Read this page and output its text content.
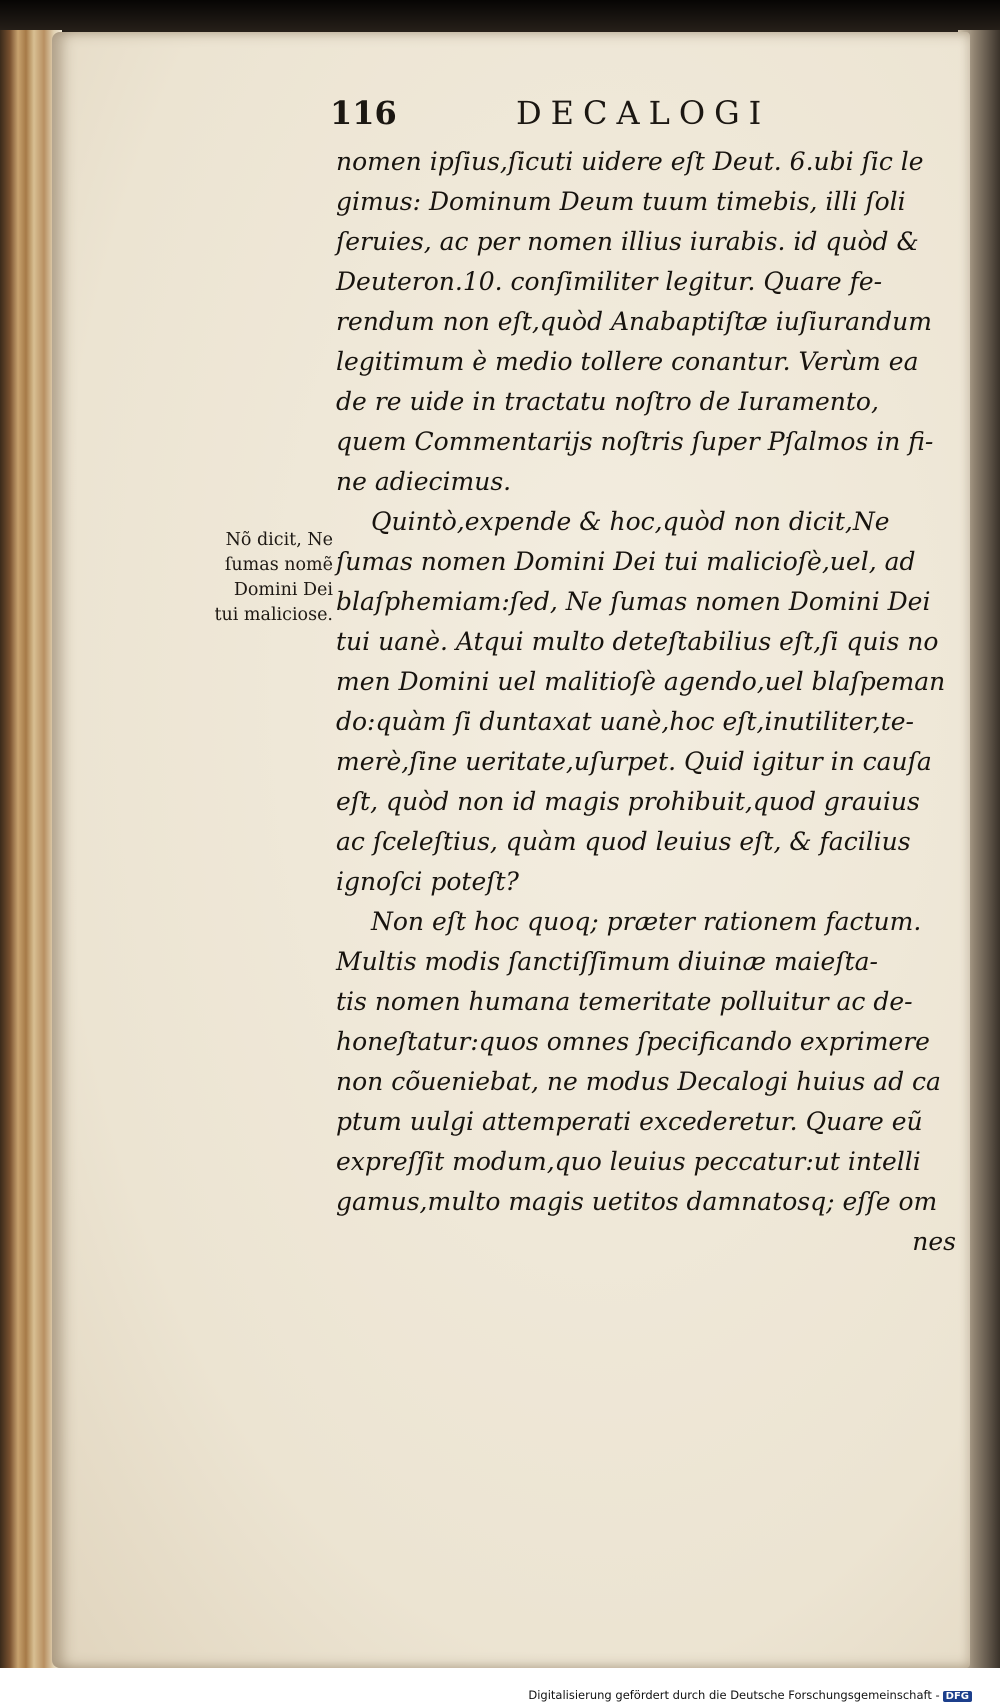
116	DECALOGI
Nõ dicit, Ne
ſumas nomẽ
Domini Dei
tui maliciose.
nomen ipſius,ſicuti uidere eſt Deut. 6.ubi ſic le
gimus: Dominum Deum tuum timebis, illi ſoli
ſeruies, ac per nomen illius iurabis. id quòd &
Deuteron.10. conſimiliter legitur. Quare fe-
rendum non eſt,quòd Anabaptiſtæ iuſiurandum
legitimum è medio tollere conantur. Verùm ea
de re uide in tractatu noſtro de Iuramento,
quem Commentarijs noſtris ſuper Pſalmos in fi-
ne adiecimus.
Quintò,expende & hoc,quòd non dicit,Ne
ſumas nomen Domini Dei tui malicioſè,uel, ad
blaſphemiam:ſed, Ne ſumas nomen Domini Dei
tui uanè. Atqui multo deteſtabilius eſt,ſi quis no
men Domini uel malitioſè agendo,uel blaſpeman
do:quàm ſi duntaxat uanè,hoc eſt,inutiliter,te-
merè,ſine ueritate,uſurpet. Quid igitur in cauſa
eſt, quòd non id magis prohibuit,quod grauius
ac ſceleſtius, quàm quod leuius eſt, & facilius
ignoſci poteſt?
Non eſt hoc quoq; præter rationem factum.
Multis modis ſanctiſſimum diuinæ maieſta-
tis nomen humana temeritate polluitur ac de-
honeſtatur:quos omnes ſpecificando exprimere
non cõueniebat, ne modus Decalogi huius ad ca
ptum uulgi attemperati excederetur. Quare eũ
expreſſit modum,quo leuius peccatur:ut intelli
gamus,multo magis uetitos damnatosq; eſſe om
nes
Digitalisierung gefördert durch die Deutsche Forschungsgemeinschaft - DFG
